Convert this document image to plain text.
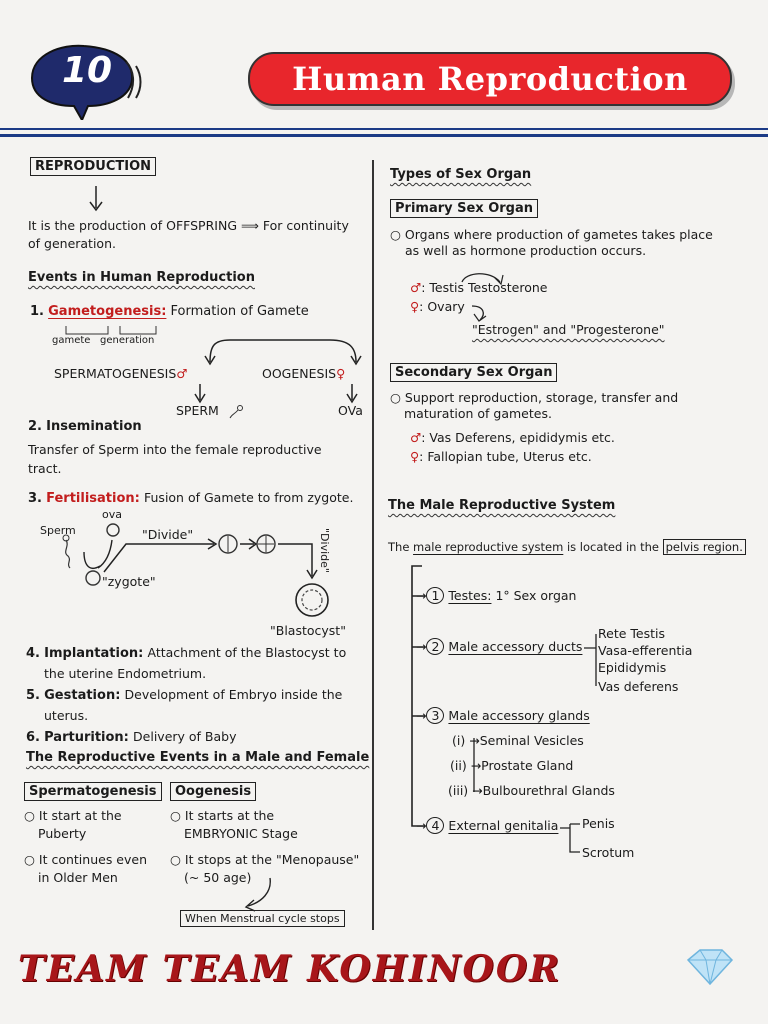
10	Human Reproduction
REPRODUCTION
It is the production of OFFSPRING ⟹ For continuity
of generation.
Events in Human Reproduction
1. Gametogenesis: Formation of Gamete
gamete generation
SPERMATOGENESIS♂	OOGENESIS♀
SPERM	OVa
2. Insemination
Transfer of Sperm into the female reproductive
tract.
3. Fertilisation: Fusion of Gamete to from zygote.
ova
Sperm	"Divide"	"Divide"
"zygote"
"Blastocyst"
4. Implantation: Attachment of the Blastocyst to
the uterine Endometrium.
5. Gestation: Development of Embryo inside the
uterus.
6. Parturition: Delivery of Baby
The Reproductive Events in a Male and Female
Spermatogenesis	Oogenesis
○ It start at the
Puberty
○ It continues even
in Older Men
○ It starts at the
EMBRYONIC Stage
○ It stops at the "Menopause"
(~ 50 age)
When Menstrual cycle stops
Types of Sex Organ
Primary Sex Organ
○ Organs where production of gametes takes place
as well as hormone production occurs.
♂: Testis Testosterone
♀: Ovary
"Estrogen" and "Progesterone"
Secondary Sex Organ
○ Support reproduction, storage, transfer and
maturation of gametes.
♂: Vas Deferens, epididymis etc.
♀: Fallopian tube, Uterus etc.
The Male Reproductive System
The male reproductive system is located in the pelvis region.
→ 1 Testes: 1° Sex organ
→ 2 Male accessory ducts
Rete Testis
Vasa-efferentia
Epididymis
Vas deferens
→ 3 Male accessory glands
(i) →Seminal Vesicles
(ii) →Prostate Gland
(iii) →Bulbourethral Glands
→ 4 External genitalia Penis
Scrotum
TEAM TEAM KOHINOOR
